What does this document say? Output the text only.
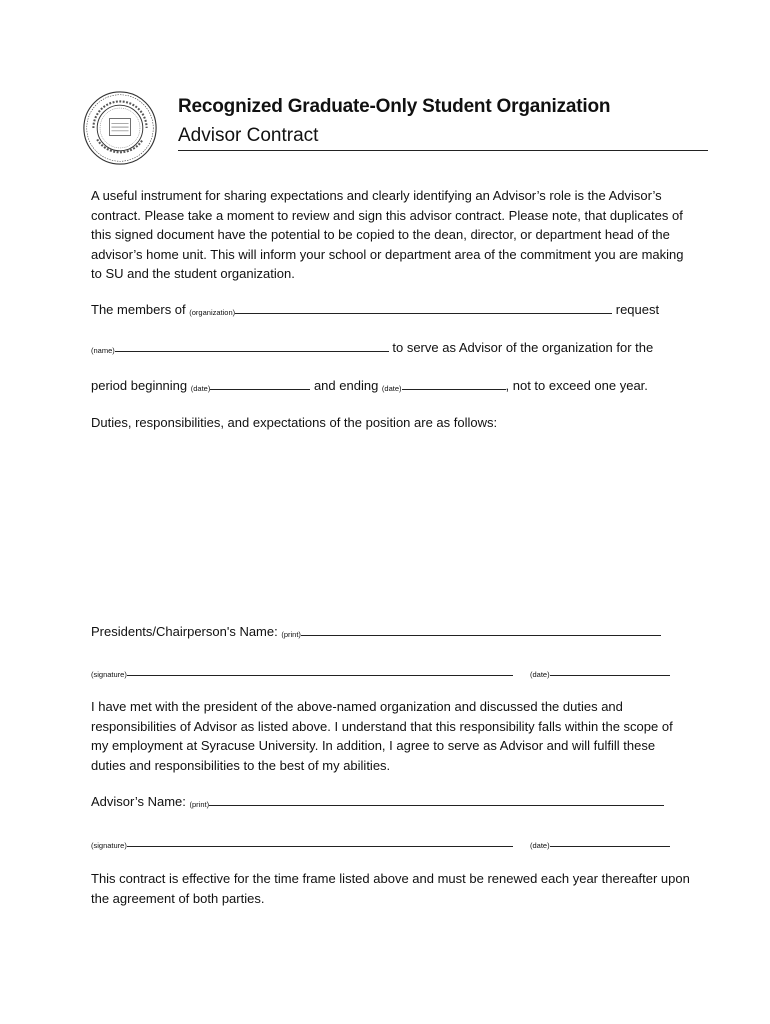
Recognized Graduate-Only Student Organization
Advisor Contract
A useful instrument for sharing expectations and clearly identifying an Advisor’s role is the Advisor’s contract. Please take a moment to review and sign this advisor contract. Please note, that duplicates of this signed document have the potential to be copied to the dean, director, or department head of the advisor’s home unit. This will inform your school or department area of the commitment you are making to SU and the student organization.
The members of (organization)	request
(name)	to serve as Advisor of the organization for the
period beginning (date)	and ending (date)	, not to exceed one year.
Duties, responsibilities, and expectations of the position are as follows:
Presidents/Chairperson's Name: (print)
(signature)	(date)
I have met with the president of the above-named organization and discussed the duties and responsibilities of Advisor as listed above. I understand that this responsibility falls within the scope of my employment at Syracuse University. In addition, I agree to serve as Advisor and will fulfill these duties and responsibilities to the best of my abilities.
Advisor’s Name: (print)
(signature)	(date)
This contract is effective for the time frame listed above and must be renewed each year thereafter upon the agreement of both parties.
